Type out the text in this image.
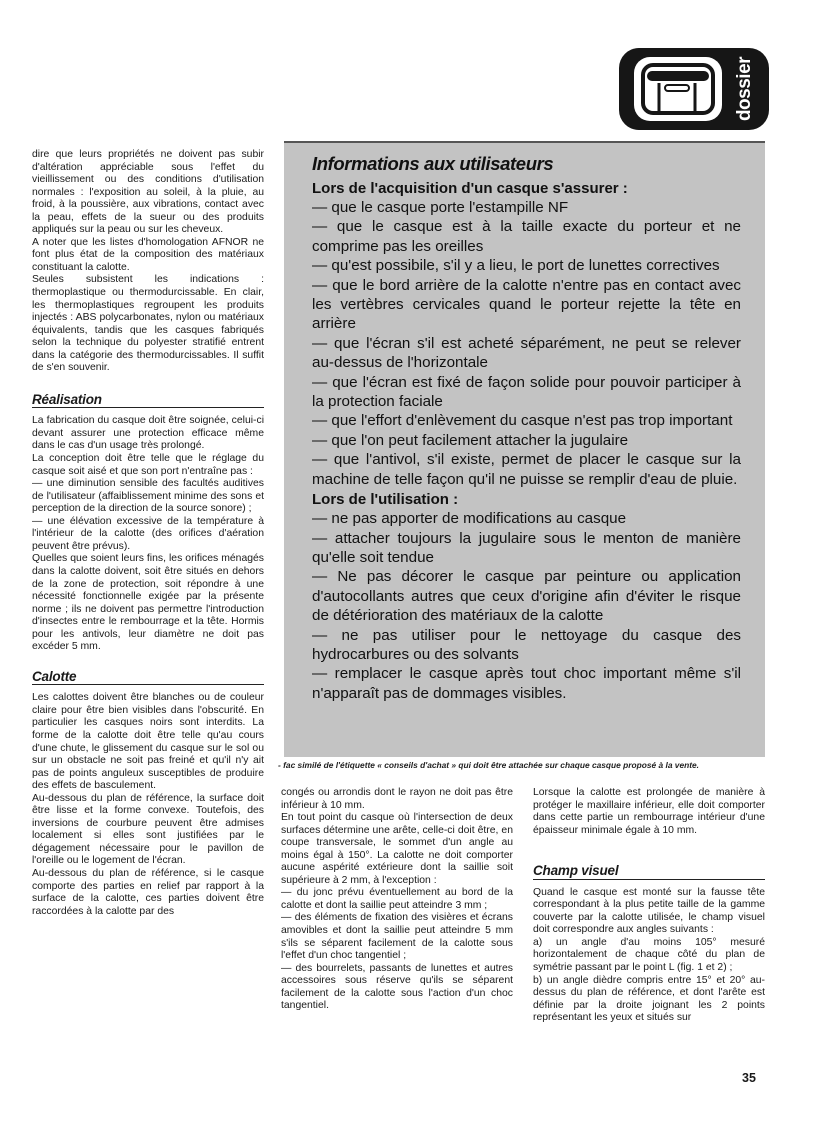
dossier

dire que leurs propriétés ne doivent pas subir d'altération appréciable sous l'effet du vieillissement ou des conditions d'utilisation normales : l'exposition au soleil, à la pluie, au froid, à la poussière, aux vibrations, contact avec la peau, effets de la sueur ou des produits appliqués sur la peau ou sur les cheveux.

A noter que les listes d'homologation AFNOR ne font plus état de la composition des matériaux constituant la calotte.

Seules subsistent les indications : thermoplastique ou thermodurcissable. En clair, les thermoplastiques regroupent les produits injectés : ABS polycarbonates, nylon ou matériaux équivalents, tandis que les casques fabriqués selon la technique du polyester stratifié entrent dans la catégorie des thermodurcissables. Il suffit de s'en souvenir.

Réalisation

La fabrication du casque doit être soignée, celui-ci devant assurer une protection efficace même dans le cas d'un usage très prolongé.

La conception doit être telle que le réglage du casque soit aisé et que son port n'entraîne pas :

— une diminution sensible des facultés auditives de l'utilisateur (affaiblissement minime des sons et perception de la direction de la source sonore) ;

— une élévation excessive de la température à l'intérieur de la calotte (des orifices d'aération peuvent être prévus).

Quelles que soient leurs fins, les orifices ménagés dans la calotte doivent, soit être situés en dehors de la zone de protection, soit répondre à une nécessité fonctionnelle exigée par la présente norme ; ils ne doivent pas permettre l'introduction d'insectes entre le rembourrage et la tête. Hormis pour les antivols, leur diamètre ne doit pas excéder 5 mm.

Calotte

Les calottes doivent être blanches ou de couleur claire pour être bien visibles dans l'obscurité. En particulier les casques noirs sont interdits. La forme de la calotte doit être telle qu'au cours d'une chute, le glissement du casque sur le sol ou sur un obstacle ne soit pas freiné et qu'il n'y ait pas de points anguleux susceptibles de produire des effets de basculement.

Au-dessous du plan de référence, la surface doit être lisse et la forme convexe. Toutefois, des inversions de courbure peuvent être admises localement si elles sont justifiées par le dégagement nécessaire pour le pavillon de l'oreille ou le logement de l'écran.

Au-dessous du plan de référence, si le casque comporte des parties en relief par rapport à la surface de la calotte, ces parties doivent être raccordées à la calotte par des

Informations aux utilisateurs
Lors de l'acquisition d'un casque s'assurer :

— que le casque porte l'estampille NF

— que le casque est à la taille exacte du porteur et ne comprime pas les oreilles

— qu'est possibile, s'il y a lieu, le port de lunettes correctives

— que le bord arrière de la calotte n'entre pas en contact avec les vertèbres cervicales quand le porteur rejette la tête en arrière

— que l'écran s'il est acheté séparément, ne peut se relever au-dessus de l'horizontale

— que l'écran est fixé de façon solide pour pouvoir participer à la protection faciale

— que l'effort d'enlèvement du casque n'est pas trop important

— que l'on peut facilement attacher la jugulaire

— que l'antivol, s'il existe, permet de placer le casque sur la machine de telle façon qu'il ne puisse se remplir d'eau de pluie.

Lors de l'utilisation :

— ne pas apporter de modifications au casque

— attacher toujours la jugulaire sous le menton de manière qu'elle soit tendue

— Ne pas décorer le casque par peinture ou application d'autocollants autres que ceux d'origine afin d'éviter le risque de détérioration des matériaux de la calotte

— ne pas utiliser pour le nettoyage du casque des hydrocarbures ou des solvants

— remplacer le casque après tout choc important même s'il n'apparaît pas de dommages visibles.

- fac similé de l'étiquette « conseils d'achat » qui doit être attachée sur chaque casque proposé à la vente.

congés ou arrondis dont le rayon ne doit pas être inférieur à 10 mm.

En tout point du casque où l'intersection de deux surfaces détermine une arête, celle-ci doit être, en coupe transversale, le sommet d'un angle au moins égal à 150°. La calotte ne doit comporter aucune aspérité extérieure dont la saillie soit supérieure à 2 mm, à l'exception :

— du jonc prévu éventuellement au bord de la calotte et dont la saillie peut atteindre 3 mm ;

— des éléments de fixation des visières et écrans amovibles et dont la saillie peut atteindre 5 mm s'ils se séparent facilement de la calotte sous l'effet d'un choc tangentiel ;

— des bourrelets, passants de lunettes et autres accessoires sous réserve qu'ils se séparent facilement de la calotte sous l'action d'un choc tangentiel.

Lorsque la calotte est prolongée de manière à protéger le maxillaire inférieur, elle doit comporter dans cette partie un rembourrage intérieur d'une épaisseur minimale égale à 10 mm.

Champ visuel

Quand le casque est monté sur la fausse tête correspondant à la plus petite taille de la gamme couverte par la calotte utilisée, le champ visuel doit correspondre aux angles suivants :

a) un angle d'au moins 105° mesuré horizontalement de chaque côté du plan de symétrie passant par le point L (fig. 1 et 2) ;

b) un angle dièdre compris entre 15° et 20° au-dessus du plan de référence, et dont l'arête est définie par la droite joignant les 2 points représentant les yeux et situés sur

35
